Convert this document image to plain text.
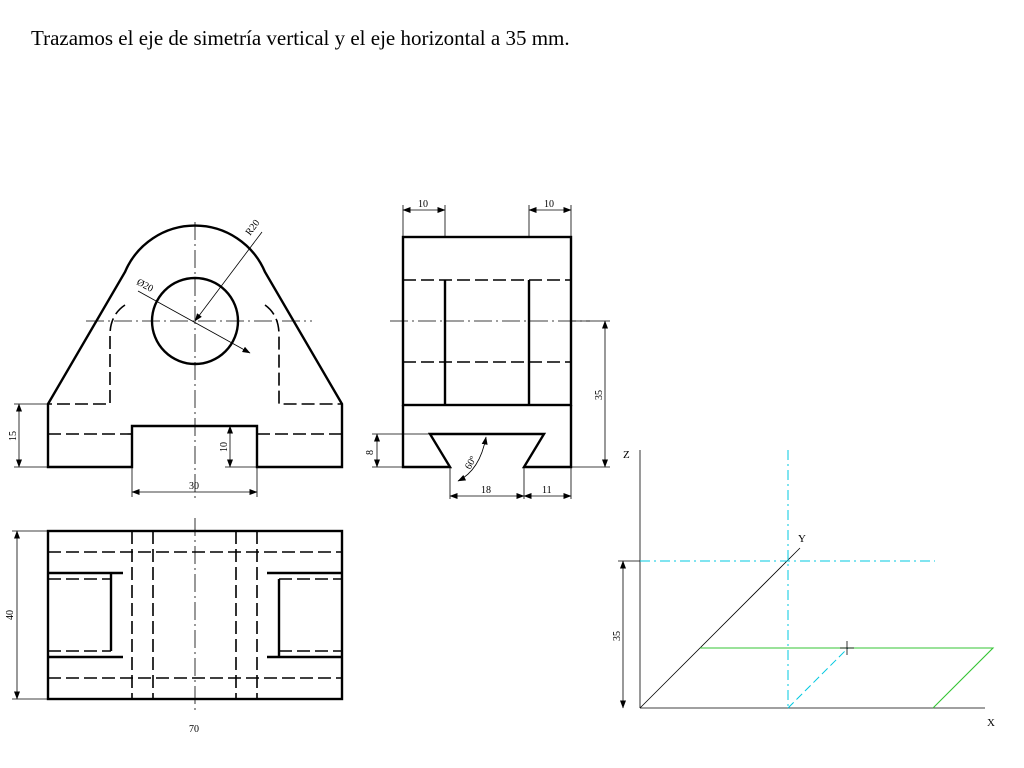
Trazamos el eje de simetría vertical y el eje horizontal a 35 mm.
R20
Ø20
15
10
30
10	10
35
8
60º
18	11
40
70
Z
Y
X
35
